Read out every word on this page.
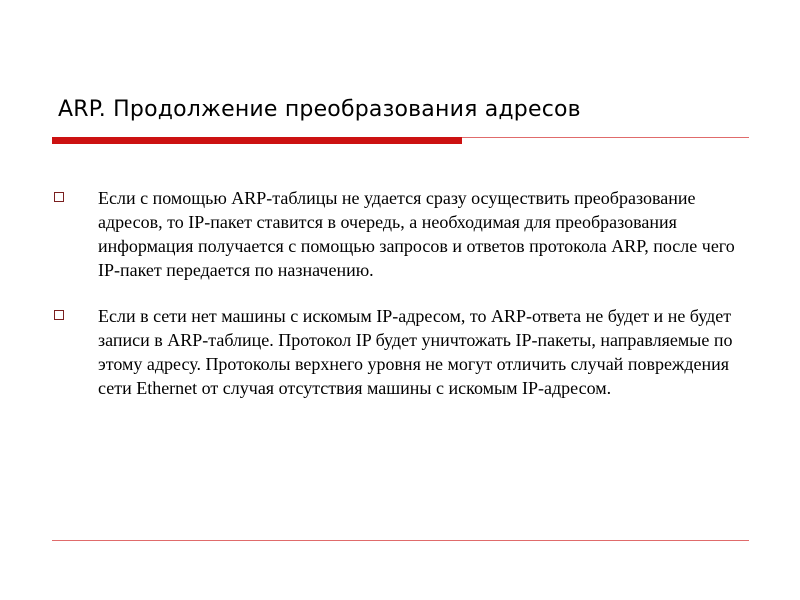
ARP. Продолжение преобразования адресов
Если с помощью ARP-таблицы не удается сразу осуществить преобразование адресов, то IP-пакет ставится в очередь, а необходимая для преобразования информация получается с помощью запросов и ответов протокола ARP, после чего IP-пакет передается по назначению.
Если в сети нет машины с искомым IP-адресом, то ARP-ответа не будет и не будет записи в ARP-таблице. Протокол IP будет уничтожать IP-пакеты, направляемые по этому адресу. Протоколы верхнего уровня не могут отличить случай повреждения сети Ethernet от случая отсутствия машины с искомым IP-адресом.
